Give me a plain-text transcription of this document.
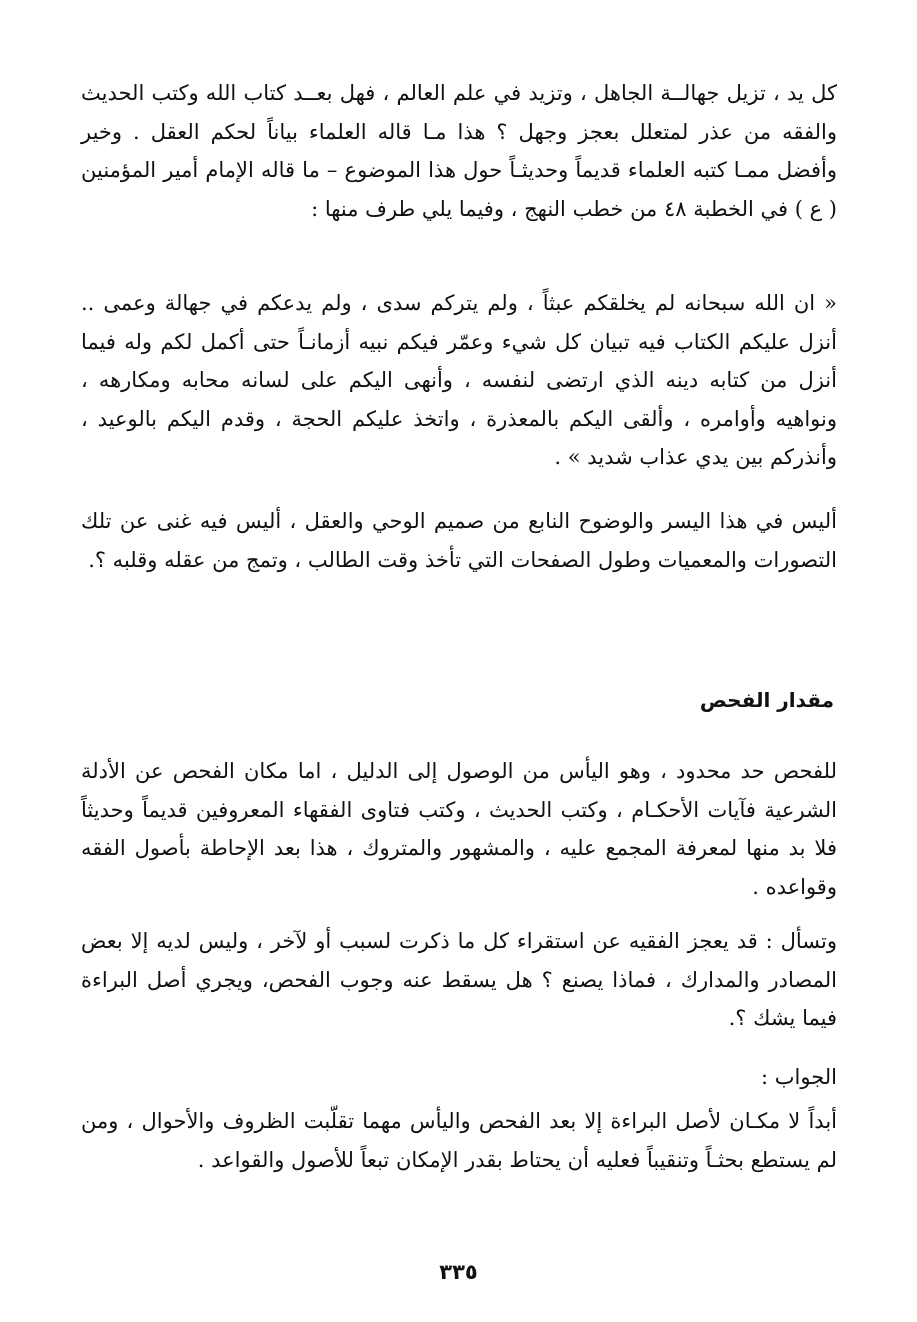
كل يد ، تزيل جهالــة الجاهل ، وتزيد في علم العالم ، فهل بعــد كتاب الله وكتب الحديث والفقه من عذر لمتعلل بعجز وجهل ؟ هذا مـا قاله العلماء بياناً لحكم العقل . وخير وأفضل ممـا كتبه العلماء قديماً وحديثـاً حول هذا الموضوع – ما قاله الإمام أمير المؤمنين ( ع ) في الخطبة ٤٨ من خطب النهج ، وفيما يلي طرف منها :

« ان الله سبحانه لم يخلقكم عبثاً ، ولم يتركم سدى ، ولم يدعكم في جهالة وعمى .. أنزل عليكم الكتاب فيه تبيان كل شيء وعمّر فيكم نبيه أزمانـاً حتى أكمل لكم وله فيما أنزل من كتابه دينه الذي ارتضى لنفسه ، وأنهى اليكم على لسانه محابه ومكارهه ، ونواهيه وأوامره ، وألقى اليكم بالمعذرة ، واتخذ عليكم الحجة ، وقدم اليكم بالوعيد ، وأنذركم بين يدي عذاب شديد » .

أليس في هذا اليسر والوضوح النابع من صميم الوحي والعقل ، أليس فيه غنى عن تلك التصورات والمعميات وطول الصفحات التي تأخذ وقت الطالب ، وتمج من عقله وقلبه ؟.

مقدار الفحص

للفحص حد محدود ، وهو اليأس من الوصول إلى الدليل ، اما مكان الفحص عن الأدلة الشرعية فآيات الأحكـام ، وكتب الحديث ، وكتب فتاوى الفقهاء المعروفين قديماً وحديثاً فلا بد منها لمعرفة المجمع عليه ، والمشهور والمتروك ، هذا بعد الإحاطة بأصول الفقه وقواعده .

وتسأل : قد يعجز الفقيه عن استقراء كل ما ذكرت لسبب أو لآخر ، وليس لديه إلا بعض المصادر والمدارك ، فماذا يصنع ؟ هل يسقط عنه وجوب الفحص، ويجري أصل البراءة فيما يشك ؟.

الجواب :

أبداً لا مكـان لأصل البراءة إلا بعد الفحص واليأس مهما تقلّبت الظروف والأحوال ، ومن لم يستطع بحثـاً وتنقيباً فعليه أن يحتاط بقدر الإمكان تبعاً للأصول والقواعد .

٣٣٥
